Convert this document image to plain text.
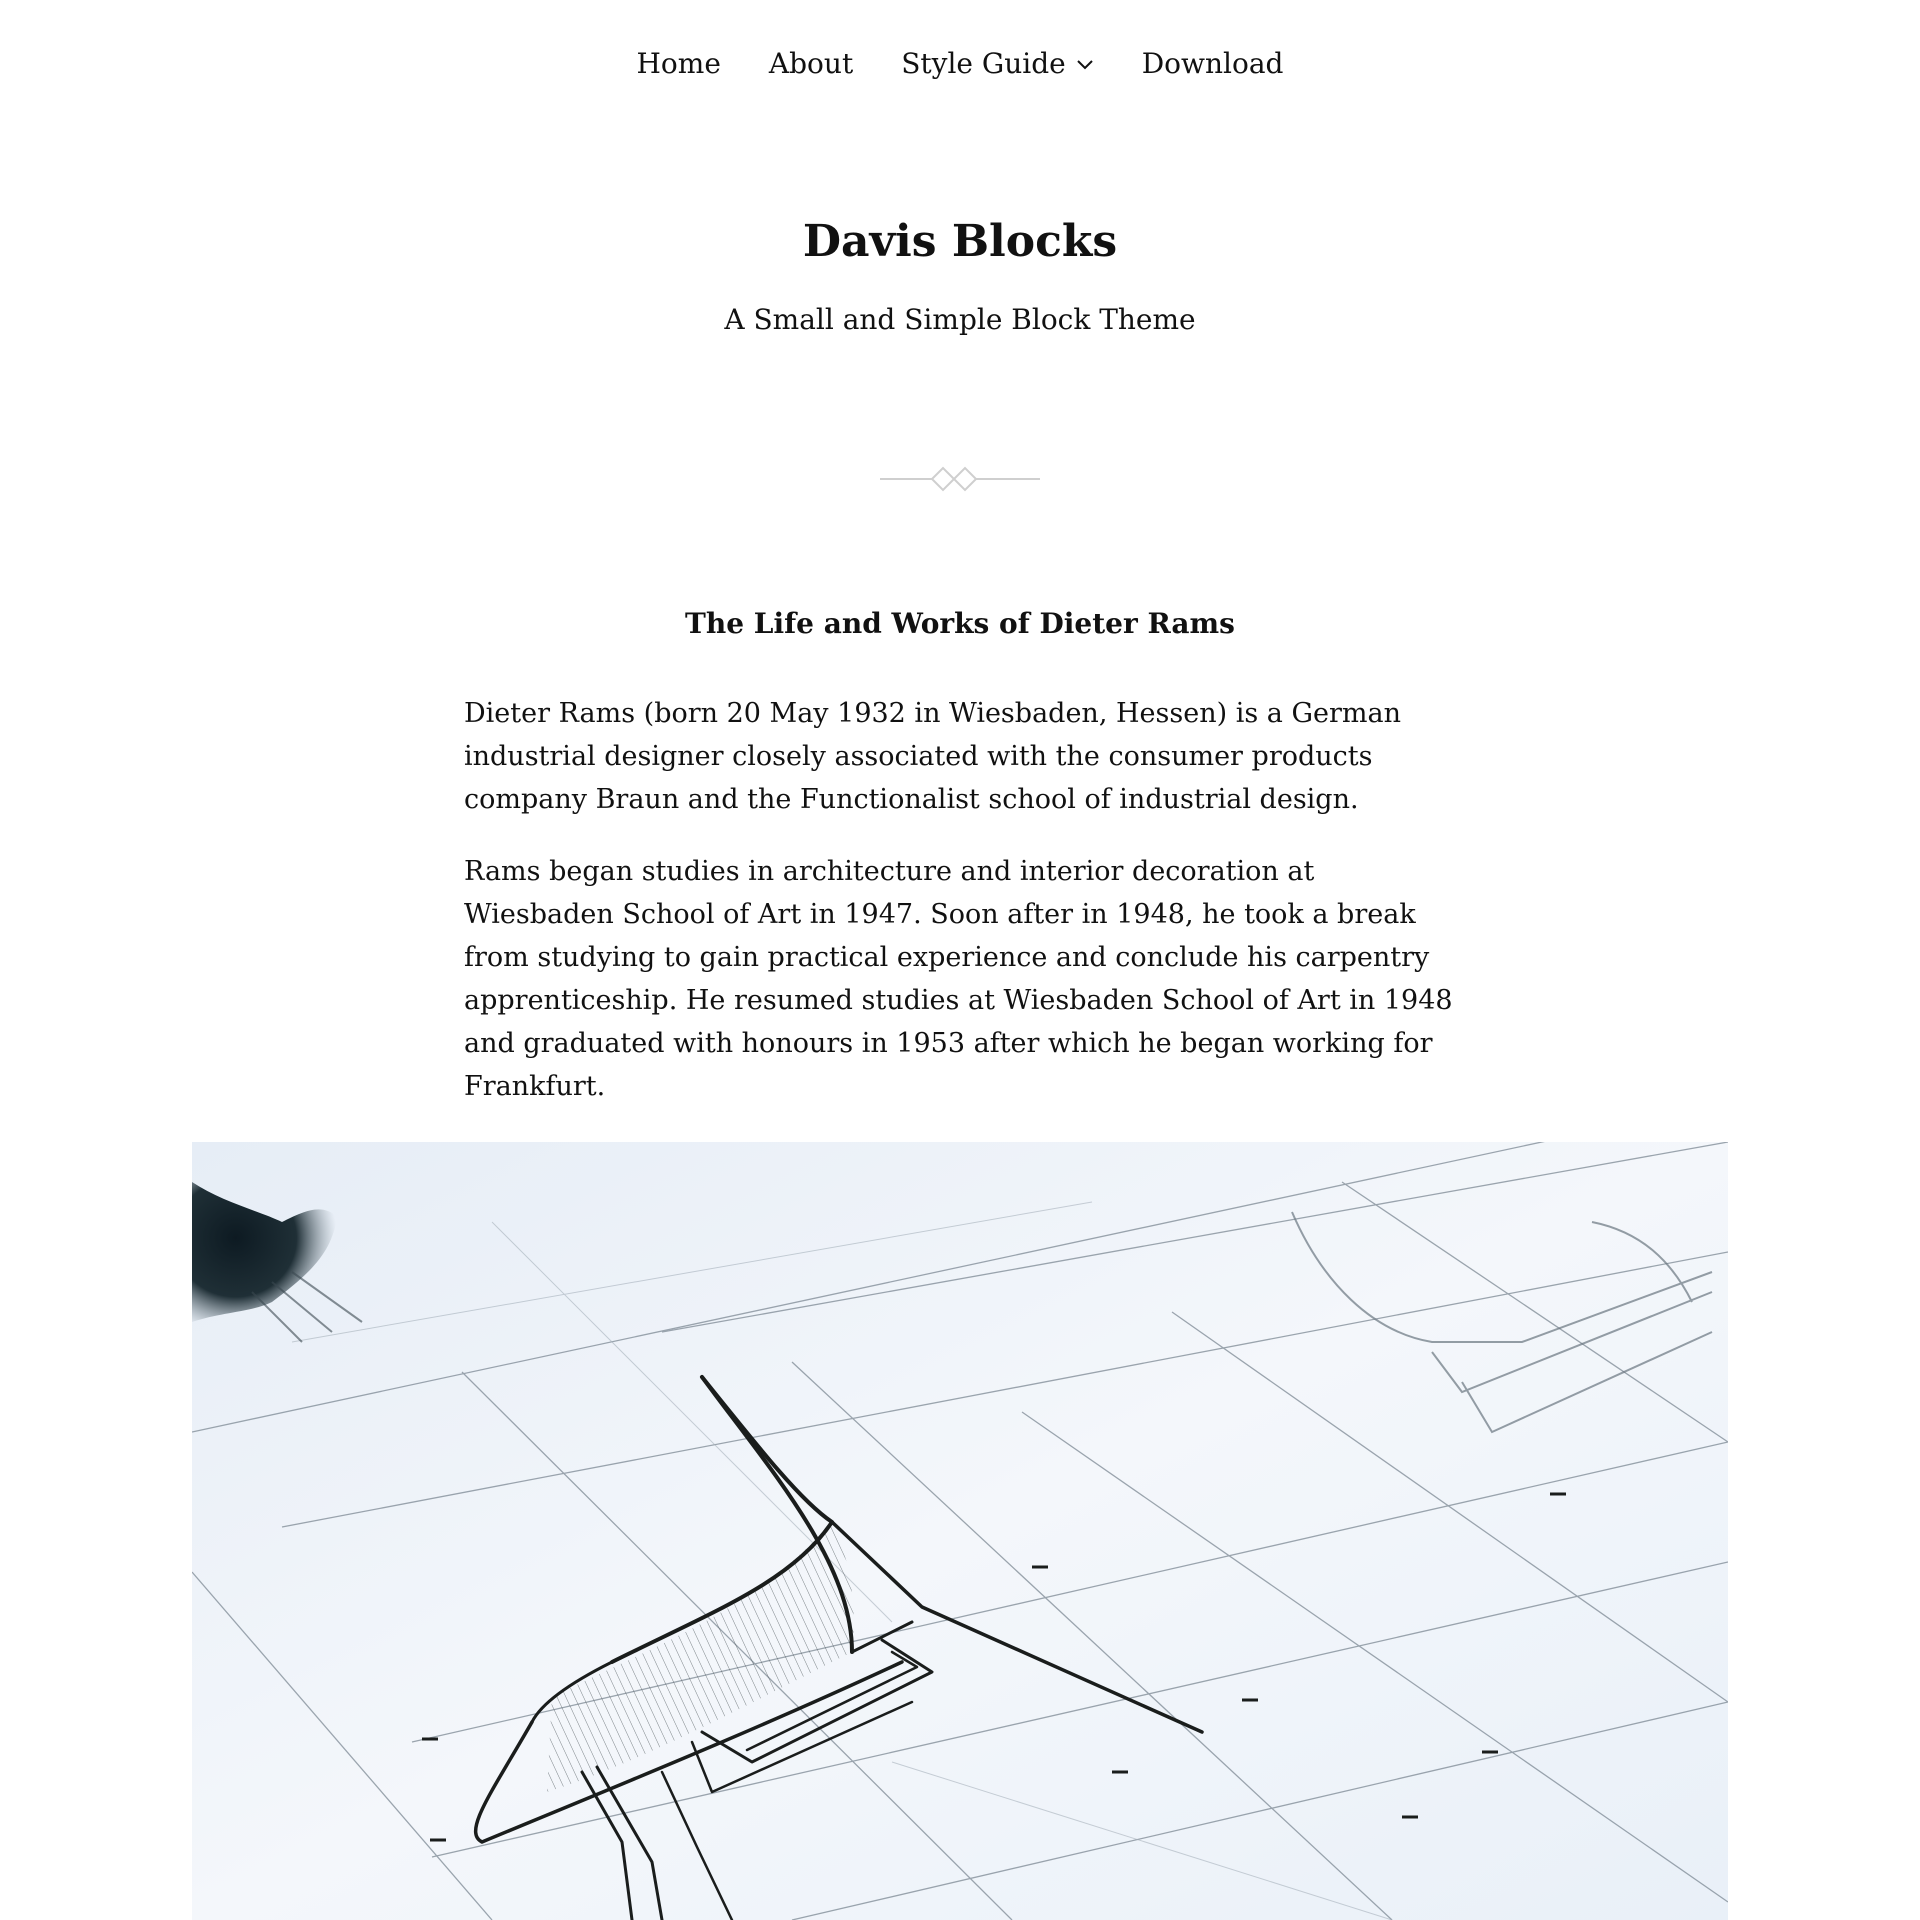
Home About Style Guide	Download
Davis Blocks

A Small and Simple Block Theme

The Life and Works of Dieter Rams

Dieter Rams (born 20 May 1932 in Wiesbaden, Hessen) is a German industrial designer closely associated with the consumer products company Braun and the Functionalist school of industrial design.

Rams began studies in architecture and interior decoration at Wiesbaden School of Art in 1947. Soon after in 1948, he took a break from studying to gain practical experience and conclude his carpentry apprenticeship. He resumed studies at Wiesbaden School of Art in 1948 and graduated with honours in 1953 after which he began working for Frankfurt.
